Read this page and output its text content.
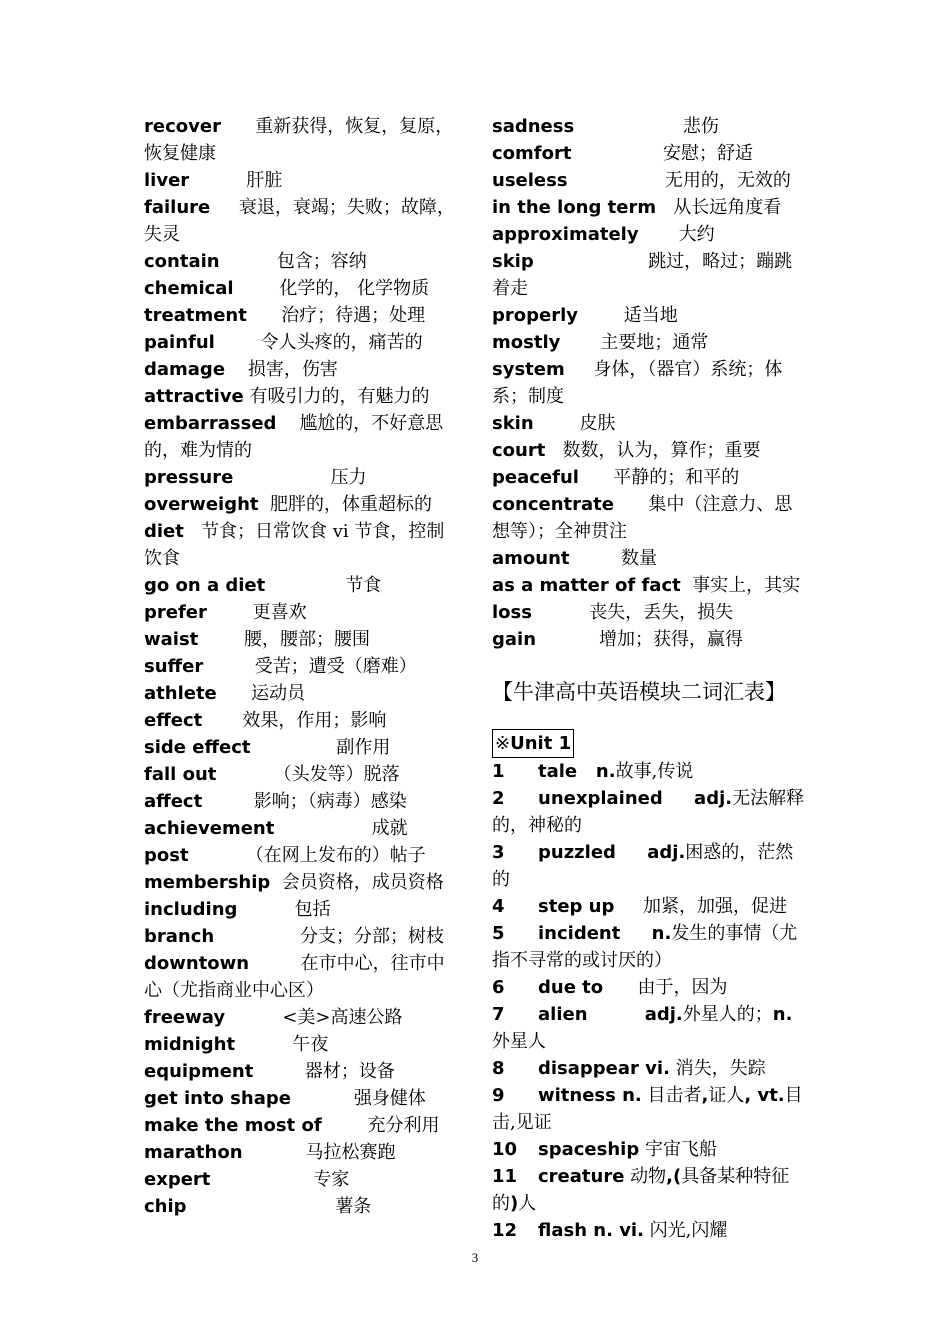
recover 重新获得，恢复，复原，恢复健康
liver	肝脏
failure 衰退，衰竭；失败；故障，失灵
contain	包含；容纳
chemical	化学的， 化学物质
treatment 治疗；待遇；处理
painful	令人头疼的，痛苦的
damage 损害，伤害
attractive 有吸引力的，有魅力的
embarrassed 尴尬的，不好意思的，难为情的
pressure	压力
overweight 肥胖的，体重超标的
diet 节食；日常饮食 vi 节食，控制饮食
go on a diet	节食
prefer	更喜欢
waist	腰，腰部；腰围
suffer	受苦；遭受（磨难）
athlete 运动员
effect 效果，作用；影响
side effect	副作用
fall out	（头发等）脱落
affect	影响；（病毒）感染
achievement	成就
post	（在网上发布的）帖子
membership 会员资格，成员资格
including	包括
branch	分支；分部；树枝
downtown	在市中心，往市中心（尤指商业中心区）
freeway	<美>高速公路
midnight	午夜
equipment	器材；设备
get into shape	强身健体
make the most of	充分利用
marathon	马拉松赛跑
expert	专家
chip	薯条
sadness	悲伤
comfort	安慰；舒适
useless	无用的，无效的
in the long term 从长远角度看
approximately 大约
skip	跳过，略过；蹦跳着走
properly	适当地
mostly 主要地；通常
system 身体，（器官）系统；体系；制度
skin	皮肤
court 数数，认为，算作；重要
peaceful 平静的；和平的
concentrate 集中（注意力、思想等）；全神贯注
amount	数量
as a matter of fact 事实上，其实
loss	丧失，丢失，损失
gain	增加；获得，赢得
【牛津高中英语模块二词汇表】
※Unit 1
1 tale   n.故事,传说
2 unexplained     adj.无法解释的，神秘的
3 puzzled     adj.困惑的，茫然的
4 step up     加紧，加强，促进
5 incident     n.发生的事情（尤指不寻常的或讨厌的）
6 due to      由于，因为
7 alien	adj.外星人的；n.外星人
8 disappear vi. 消失，失踪
9 witness n. 目击者,证人, vt.目击,见证
10 spaceship 宇宙飞船
11 creature 动物,(具备某种特征的)人
12 flash n. vi. 闪光,闪耀
3
